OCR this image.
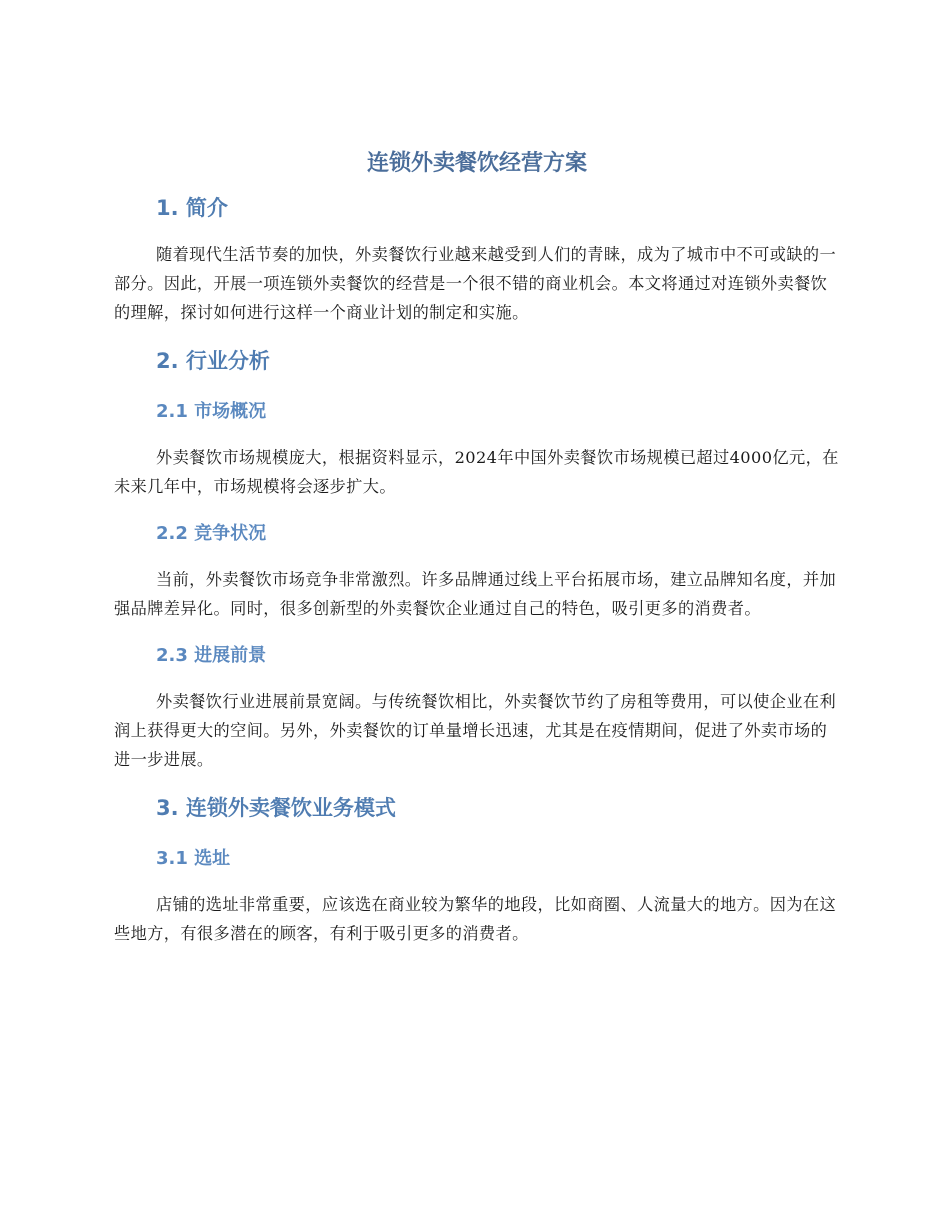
连锁外卖餐饮经营方案
1. 简介

随着现代生活节奏的加快，外卖餐饮行业越来越受到人们的青睐，成为了城市中不可或缺的一部分。因此，开展一项连锁外卖餐饮的经营是一个很不错的商业机会。本文将通过对连锁外卖餐饮的理解，探讨如何进行这样一个商业计划的制定和实施。

2. 行业分析
2.1 市场概况

外卖餐饮市场规模庞大，根据资料显示，2024年中国外卖餐饮市场规模已超过4000亿元，在未来几年中，市场规模将会逐步扩大。

2.2 竞争状况

当前，外卖餐饮市场竞争非常激烈。许多品牌通过线上平台拓展市场，建立品牌知名度，并加强品牌差异化。同时，很多创新型的外卖餐饮企业通过自己的特色，吸引更多的消费者。

2.3 进展前景

外卖餐饮行业进展前景宽阔。与传统餐饮相比，外卖餐饮节约了房租等费用，可以使企业在利润上获得更大的空间。另外，外卖餐饮的订单量增长迅速，尤其是在疫情期间，促进了外卖市场的进一步进展。

3. 连锁外卖餐饮业务模式
3.1 选址

店铺的选址非常重要，应该选在商业较为繁华的地段，比如商圈、人流量大的地方。因为在这些地方，有很多潜在的顾客，有利于吸引更多的消费者。
